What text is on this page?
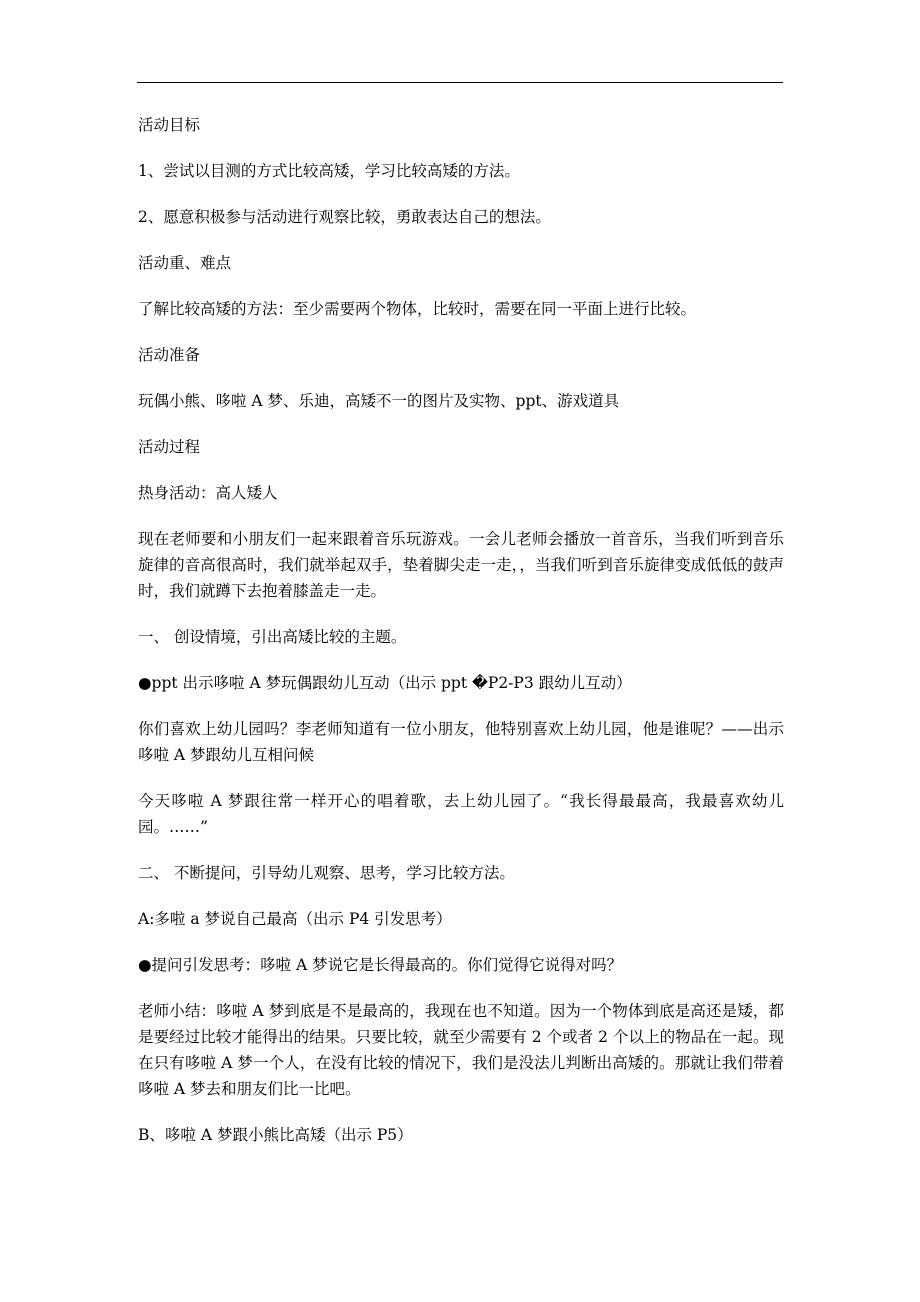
活动目标

1、尝试以目测的方式比较高矮，学习比较高矮的方法。

2、愿意积极参与活动进行观察比较，勇敢表达自己的想法。

活动重、难点

了解比较高矮的方法：至少需要两个物体，比较时，需要在同一平面上进行比较。

活动准备

玩偶小熊、哆啦 A 梦、乐迪，高矮不一的图片及实物、ppt、游戏道具

活动过程

热身活动：高人矮人

现在老师要和小朋友们一起来跟着音乐玩游戏。一会儿老师会播放一首音乐，当我们听到音乐旋律的音高很高时，我们就举起双手，垫着脚尖走一走，，当我们听到音乐旋律变成低低的鼓声时，我们就蹲下去抱着膝盖走一走。

一、 创设情境，引出高矮比较的主题。

●ppt 出示哆啦 A 梦玩偶跟幼儿互动（出示 ppt �P2-P3 跟幼儿互动）

你们喜欢上幼儿园吗？李老师知道有一位小朋友，他特别喜欢上幼儿园，他是谁呢？——出示哆啦 A 梦跟幼儿互相问候

今天哆啦 A 梦跟往常一样开心的唱着歌，去上幼儿园了。“我长得最最高，我最喜欢幼儿园。……”

二、 不断提问，引导幼儿观察、思考，学习比较方法。

A:多啦 a 梦说自己最高（出示 P4 引发思考）

●提问引发思考：哆啦 A 梦说它是长得最高的。你们觉得它说得对吗？

老师小结：哆啦 A 梦到底是不是最高的，我现在也不知道。因为一个物体到底是高还是矮，都是要经过比较才能得出的结果。只要比较，就至少需要有 2 个或者 2 个以上的物品在一起。现在只有哆啦 A 梦一个人，在没有比较的情况下，我们是没法儿判断出高矮的。那就让我们带着哆啦 A 梦去和朋友们比一比吧。

B、哆啦 A 梦跟小熊比高矮（出示 P5）
